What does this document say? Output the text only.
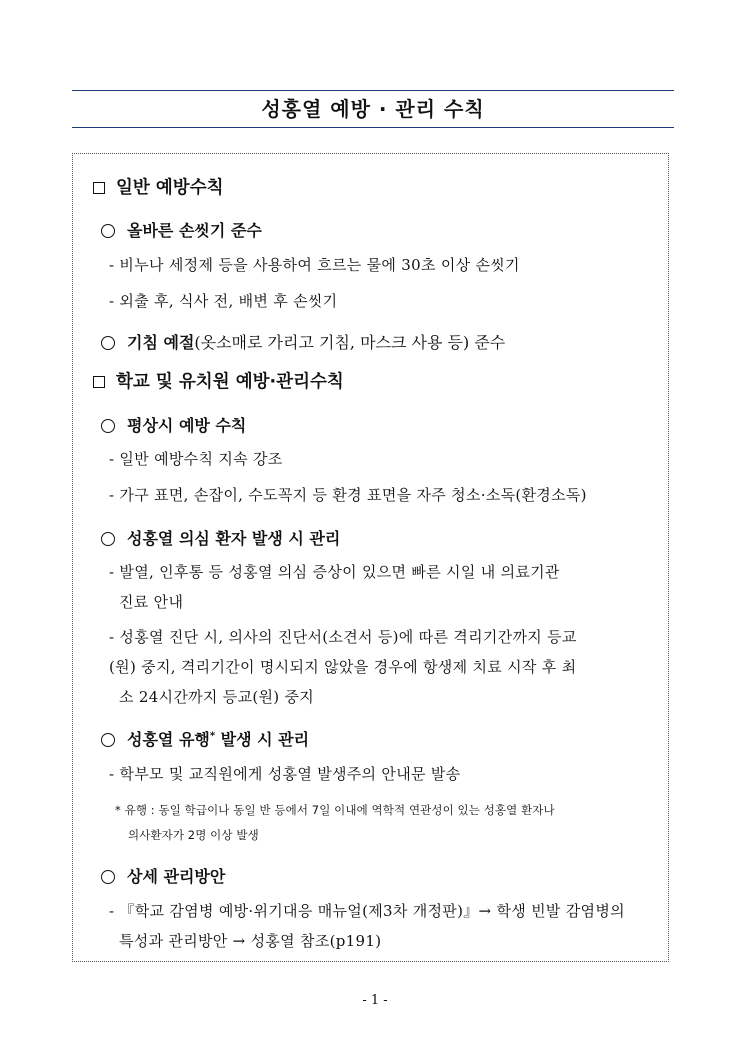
성홍열 예방 · 관리 수칙
일반 예방수칙
올바른 손씻기 준수
- 비누나 세정제 등을 사용하여 흐르는 물에 30초 이상 손씻기
- 외출 후, 식사 전, 배변 후 손씻기
기침 예절(옷소매로 가리고 기침, 마스크 사용 등) 준수
학교 및 유치원 예방·관리수칙
평상시 예방 수칙
- 일반 예방수칙 지속 강조
- 가구 표면, 손잡이, 수도꼭지 등 환경 표면을 자주 청소·소독(환경소독)
성홍열 의심 환자 발생 시 관리
- 발열, 인후통 등 성홍열 의심 증상이 있으면 빠른 시일 내 의료기관
진료 안내
- 성홍열 진단 시, 의사의 진단서(소견서 등)에 따른 격리기간까지 등교
(원) 중지, 격리기간이 명시되지 않았을 경우에 항생제 치료 시작 후 최
소 24시간까지 등교(원) 중지
성홍열 유행* 발생 시 관리
- 학부모 및 교직원에게 성홍열 발생주의 안내문 발송
* 유행 : 동일 학급이나 동일 반 등에서 7일 이내에 역학적 연관성이 있는 성홍열 환자나
의사환자가 2명 이상 발생
상세 관리방안
- 『학교 감염병 예방·위기대응 매뉴얼(제3차 개정판)』→ 학생 빈발 감염병의
특성과 관리방안 → 성홍열 참조(p191)
- 1 -
